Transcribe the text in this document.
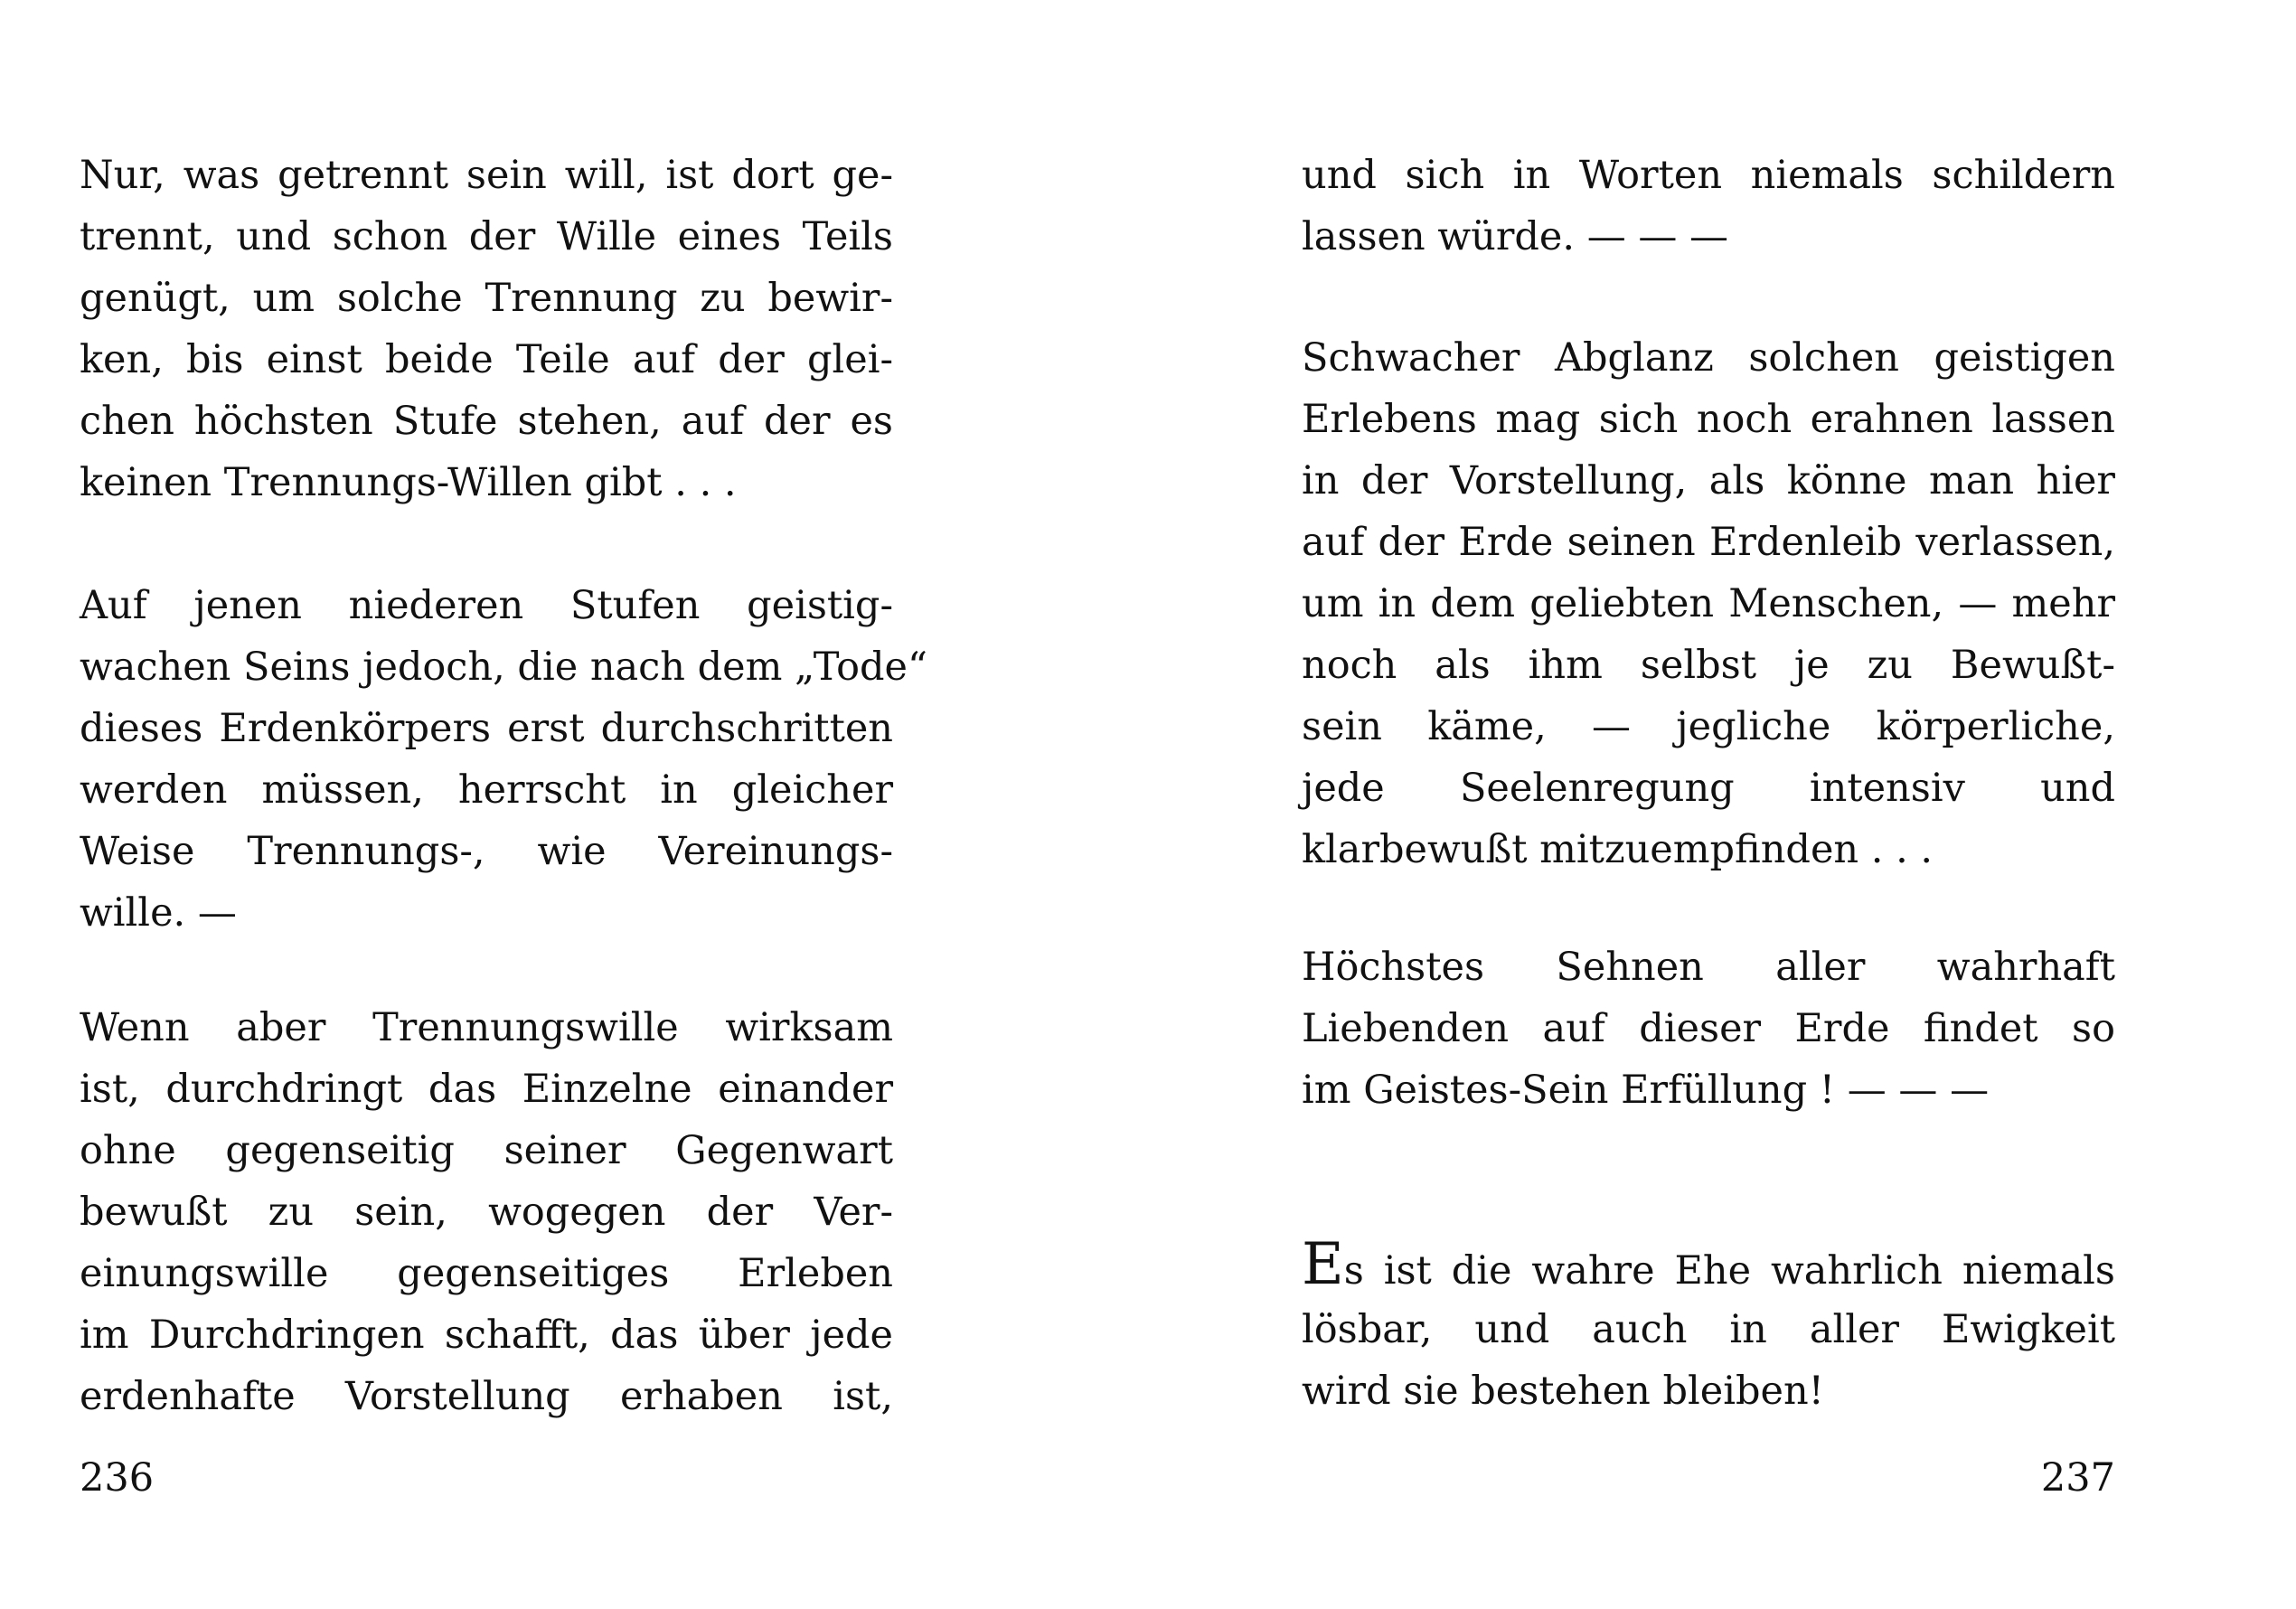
Nur, was getrennt sein will, ist dort ge-
trennt, und schon der Wille eines Teils
genügt, um solche Trennung zu bewir-
ken, bis einst beide Teile auf der glei-
chen höchsten Stufe stehen, auf der es
keinen Trennungs-Willen gibt . . .
Auf jenen niederen Stufen geistig-
wachen Seins jedoch, die nach dem „Tode“
dieses Erdenkörpers erst durchschritten
werden müssen, herrscht in gleicher
Weise Trennungs-, wie Vereinungs-
wille. —
Wenn aber Trennungswille wirksam
ist, durchdringt das Einzelne einander
ohne gegenseitig seiner Gegenwart
bewußt zu sein, wogegen der Ver-
einungswille gegenseitiges Erleben
im Durchdringen schafft, das über jede
erdenhafte Vorstellung erhaben ist,
236
und sich in Worten niemals schildern
lassen würde. — — —
Schwacher Abglanz solchen geistigen
Erlebens mag sich noch erahnen lassen
in der Vorstellung, als könne man hier
auf der Erde seinen Erdenleib verlassen,
um in dem geliebten Menschen, — mehr
noch als ihm selbst je zu Bewußt-
sein käme, — jegliche körperliche,
jede Seelenregung intensiv und
klarbewußt mitzuempfinden . . .
Höchstes Sehnen aller wahrhaft
Liebenden auf dieser Erde findet so
im Geistes-Sein Erfüllung ! — — —
Es ist die wahre Ehe wahrlich niemals
lösbar, und auch in aller Ewigkeit
wird sie bestehen bleiben!
237
